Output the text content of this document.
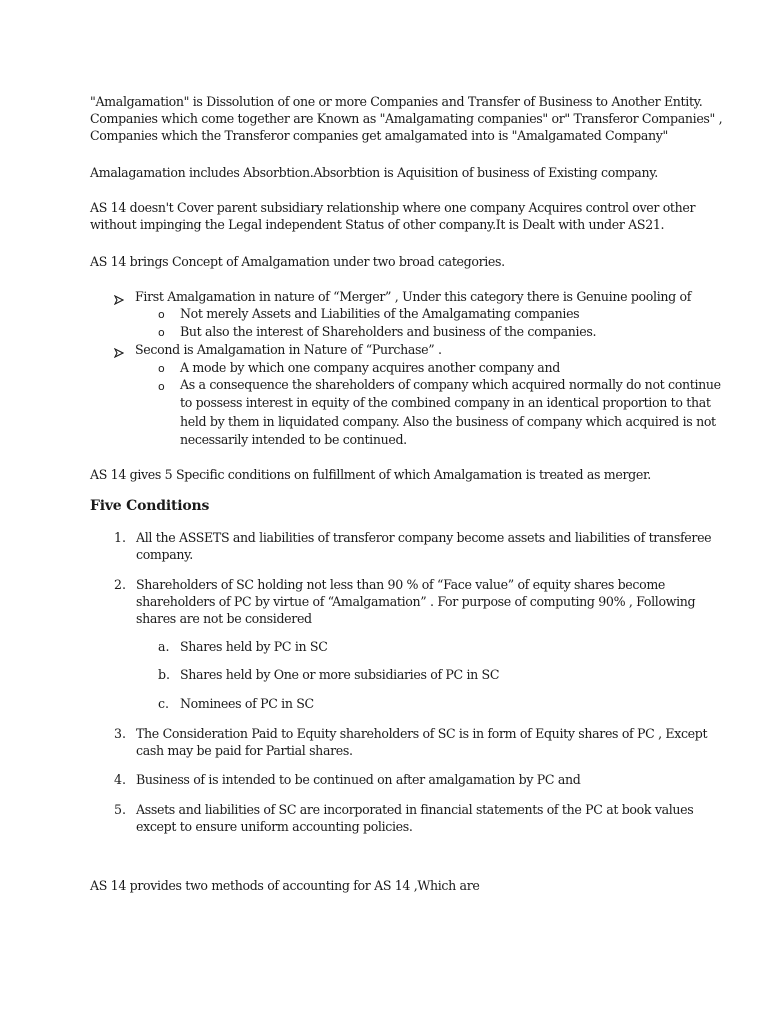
"Amalgamation" is Dissolution of one or more Companies and Transfer of Business to Another Entity.
Companies which come together are Known as "Amalgamating companies" or" Transferor Companies" ,
Companies which the Transferor companies get amalgamated into is "Amalgamated Company"

Amalagamation includes Absorbtion.Absorbtion is Aquisition of business of Existing company.

AS 14 doesn't Cover parent subsidiary relationship where one company Acquires control over other
without impinging the Legal independent Status of other company.It is Dealt with under AS21.

AS 14 brings Concept of Amalgamation under two broad categories.

First Amalgamation in nature of “Merger” , Under this category there is Genuine pooling of
o Not merely Assets and Liabilities of the Amalgamating companies
o But also the interest of Shareholders and business of the companies.
Second is Amalgamation in Nature of “Purchase” .
o A mode by which one company acquires another company and
o As a consequence the shareholders of company which acquired normally do not continue
to possess interest in equity of the combined company in an identical proportion to that
held by them in liquidated company. Also the business of company which acquired is not
necessarily intended to be continued.

AS 14 gives 5 Specific conditions on fulfillment of which Amalgamation is treated as merger.

Five Conditions
1. All the ASSETS and liabilities of transferor company become assets and liabilities of transferee
company.
2. Shareholders of SC holding not less than 90 % of “Face value” of equity shares become
shareholders of PC by virtue of “Amalgamation” . For purpose of computing 90% , Following
shares are not be considered
a. Shares held by PC in SC
b. Shares held by One or more subsidiaries of PC in SC
c. Nominees of PC in SC
3. The Consideration Paid to Equity shareholders of SC is in form of Equity shares of PC , Except
cash may be paid for Partial shares.
4. Business of is intended to be continued on after amalgamation by PC and
5. Assets and liabilities of SC are incorporated in financial statements of the PC at book values
except to ensure uniform accounting policies.

AS 14 provides two methods of accounting for AS 14 ,Which are
